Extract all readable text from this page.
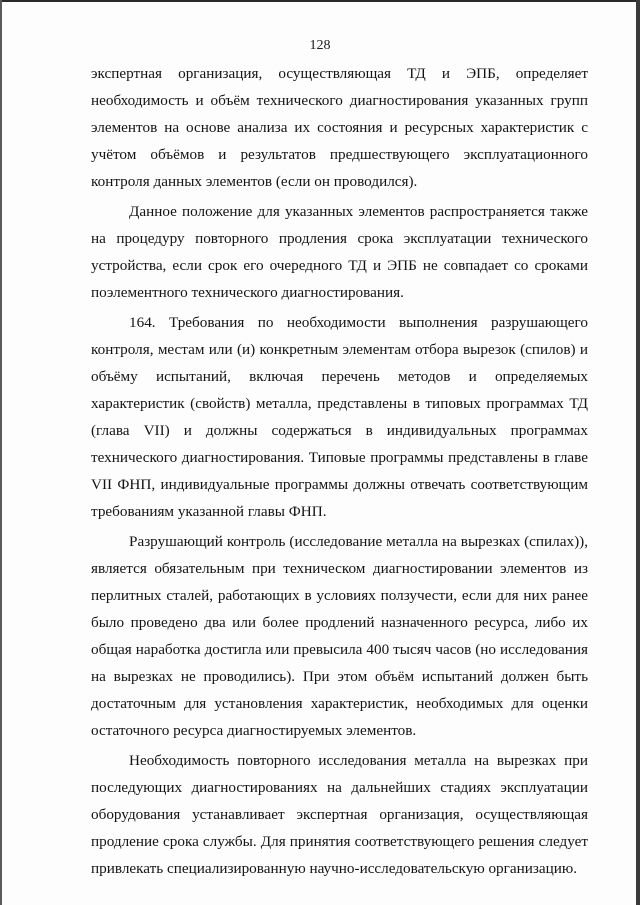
128

экспертная организация, осуществляющая ТД и ЭПБ, определяет необходимость и объём технического диагностирования указанных групп элементов на основе анализа их состояния и ресурсных характеристик с учётом объёмов и результатов предшествующего эксплуатационного контроля данных элементов (если он проводился).

Данное положение для указанных элементов распространяется также на процедуру повторного продления срока эксплуатации технического устройства, если срок его очередного ТД и ЭПБ не совпадает со сроками поэлементного технического диагностирования.

164. Требования по необходимости выполнения разрушающего контроля, местам или (и) конкретным элементам отбора вырезок (спилов) и объёму испытаний, включая перечень методов и определяемых характеристик (свойств) металла, представлены в типовых программах ТД (глава VII) и должны содержаться в индивидуальных программах технического диагностирования. Типовые программы представлены в главе VII ФНП, индивидуальные программы должны отвечать соответствующим требованиям указанной главы ФНП.

Разрушающий контроль (исследование металла на вырезках (спилах)), является обязательным при техническом диагностировании элементов из перлитных сталей, работающих в условиях ползучести, если для них ранее было проведено два или более продлений назначенного ресурса, либо их общая наработка достигла или превысила 400 тысяч часов (но исследования на вырезках не проводились). При этом объём испытаний должен быть достаточным для установления характеристик, необходимых для оценки остаточного ресурса диагностируемых элементов.

Необходимость повторного исследования металла на вырезках при последующих диагностированиях на дальнейших стадиях эксплуатации оборудования устанавливает экспертная организация, осуществляющая продление срока службы. Для принятия соответствующего решения следует привлекать специализированную научно-исследовательскую организацию.
